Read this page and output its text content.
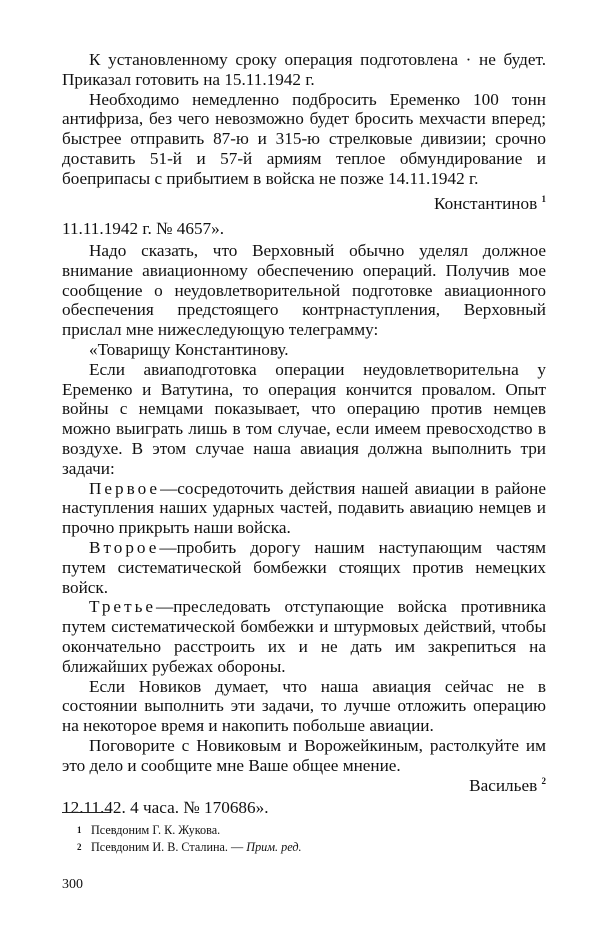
К установленному сроку операция подготовлена · не будет. Приказал готовить на 15.11.1942 г.

Необходимо немедленно подбросить Еременко 100 тонн антифриза, без чего невозможно будет бросить мехчасти вперед; быстрее отправить 87-ю и 315-ю стрелковые дивизии; срочно доставить 51-й и 57-й армиям теплое обмундирование и боеприпасы с прибытием в войска не позже 14.11.1942 г.

Константинов $^1$

11.11.1942 г. № 4657».

Надо сказать, что Верховный обычно уделял должное внимание авиационному обеспечению операций. Получив мое сообщение о неудовлетворительной подготовке авиационного обеспечения предстоящего контрнаступления, Верховный прислал мне нижеследующую телеграмму:

«Товарищу Константинову.

Если авиаподготовка операции неудовлетворительна у Еременко и Ватутина, то операция кончится провалом. Опыт войны с немцами показывает, что операцию против немцев можно выиграть лишь в том случае, если имеем превосходство в воздухе. В этом случае наша авиация должна выполнить три задачи:

Первое—сосредоточить действия нашей авиации в районе наступления наших ударных частей, подавить авиацию немцев и прочно прикрыть наши войска.

Второе—пробить дорогу нашим наступающим частям путем систематической бомбежки стоящих против немецких войск.

Третье—преследовать отступающие войска противника путем систематической бомбежки и штурмовых действий, чтобы окончательно расстроить их и не дать им закрепиться на ближайших рубежах обороны.

Если Новиков думает, что наша авиация сейчас не в состоянии выполнить эти задачи, то лучше отложить операцию на некоторое время и накопить побольше авиации.

Поговорите с Новиковым и Ворожейкиным, растолкуйте им это дело и сообщите мне Ваше общее мнение.

Васильев $^2$

12.11.42. 4 часа. № 170686».

1 Псевдоним Г. К. Жукова.

2 Псевдоним И. В. Сталина. — Прим. ред.

300
